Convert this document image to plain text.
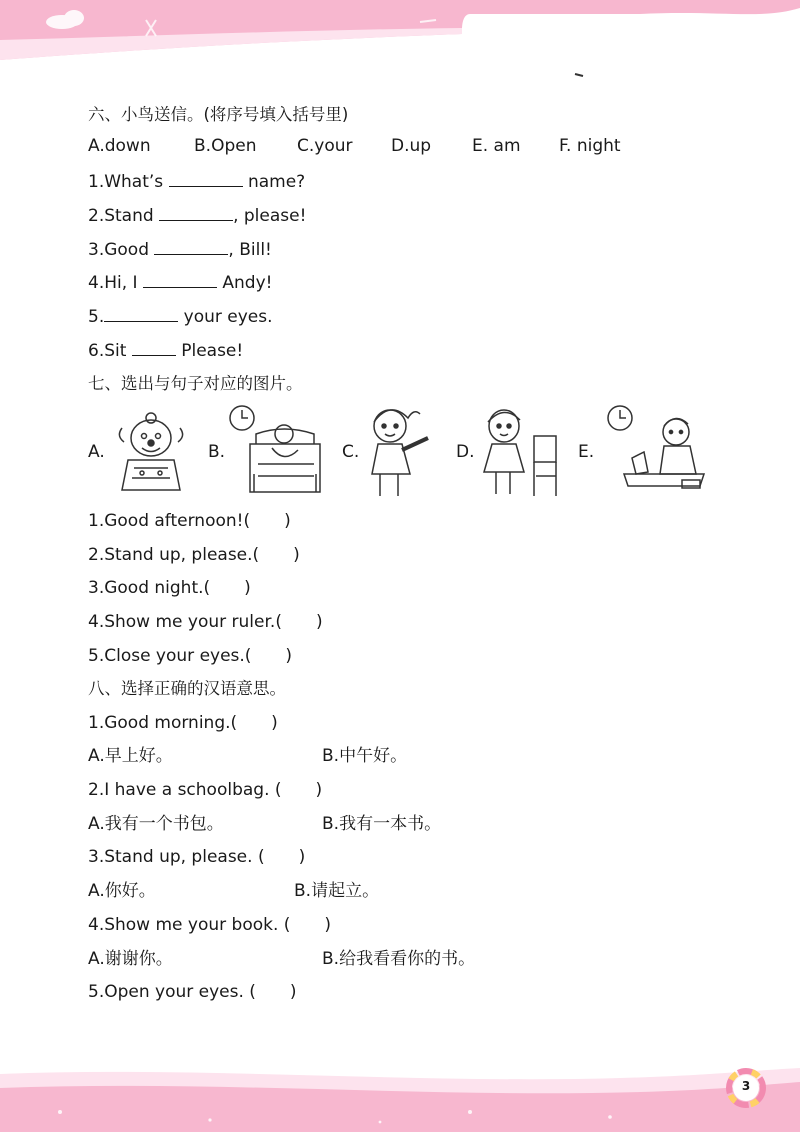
六、小鸟送信。(将序号填入括号里)
A.down	B.Open C.your D.up E. am F. night
1.What’s	name?
2.Stand	, please!
3.Good	, Bill!
4.Hi, I	Andy!
5.	your eyes.
6.Sit	Please!
七、选出与句子对应的图片。
A.	B.	C.	D.	E.
1.Good afternoon!(　　)
2.Stand up, please.(　　)
3.Good night.(　　)
4.Show me your ruler.(　　)
5.Close your eyes.(　　)
八、选择正确的汉语意思。
1.Good morning.(　　)
A.早上好。	B.中午好。
2.I have a schoolbag. (　　)
A.我有一个书包。	B.我有一本书。
3.Stand up, please. (　　)
A.你好。	B.请起立。
4.Show me your book. (　　)
A.谢谢你。	B.给我看看你的书。
5.Open your eyes. (　　)
3
